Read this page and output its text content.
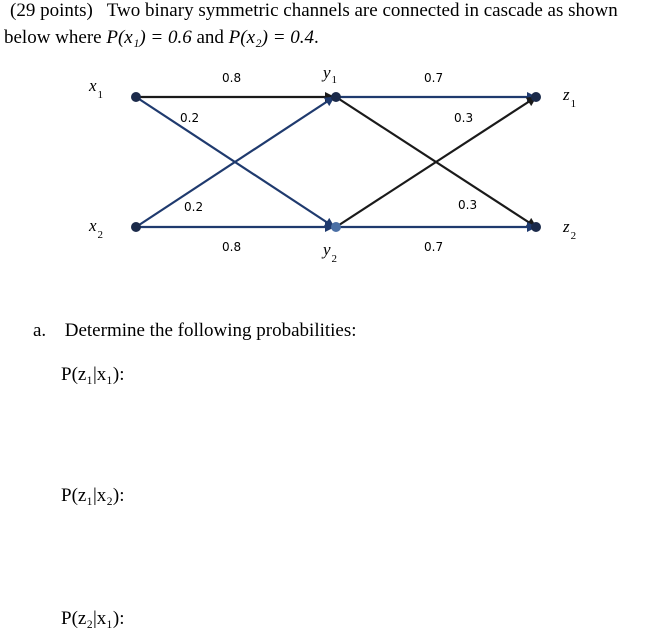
(29 points) Two binary symmetric channels are connected in cascade as shown
below where P(x₁) = 0.6 and P(x₂) = 0.4.
$x_1$
$x_2$
$y_1$
$y_2$
$z_1$
$z_2$
0.8
0.2
0.2
0.8
0.7
0.3
0.3
0.7
a. Determine the following probabilities:
P(z₁|x₁):
P(z₁|x₂):
P(z₂|x₁):
